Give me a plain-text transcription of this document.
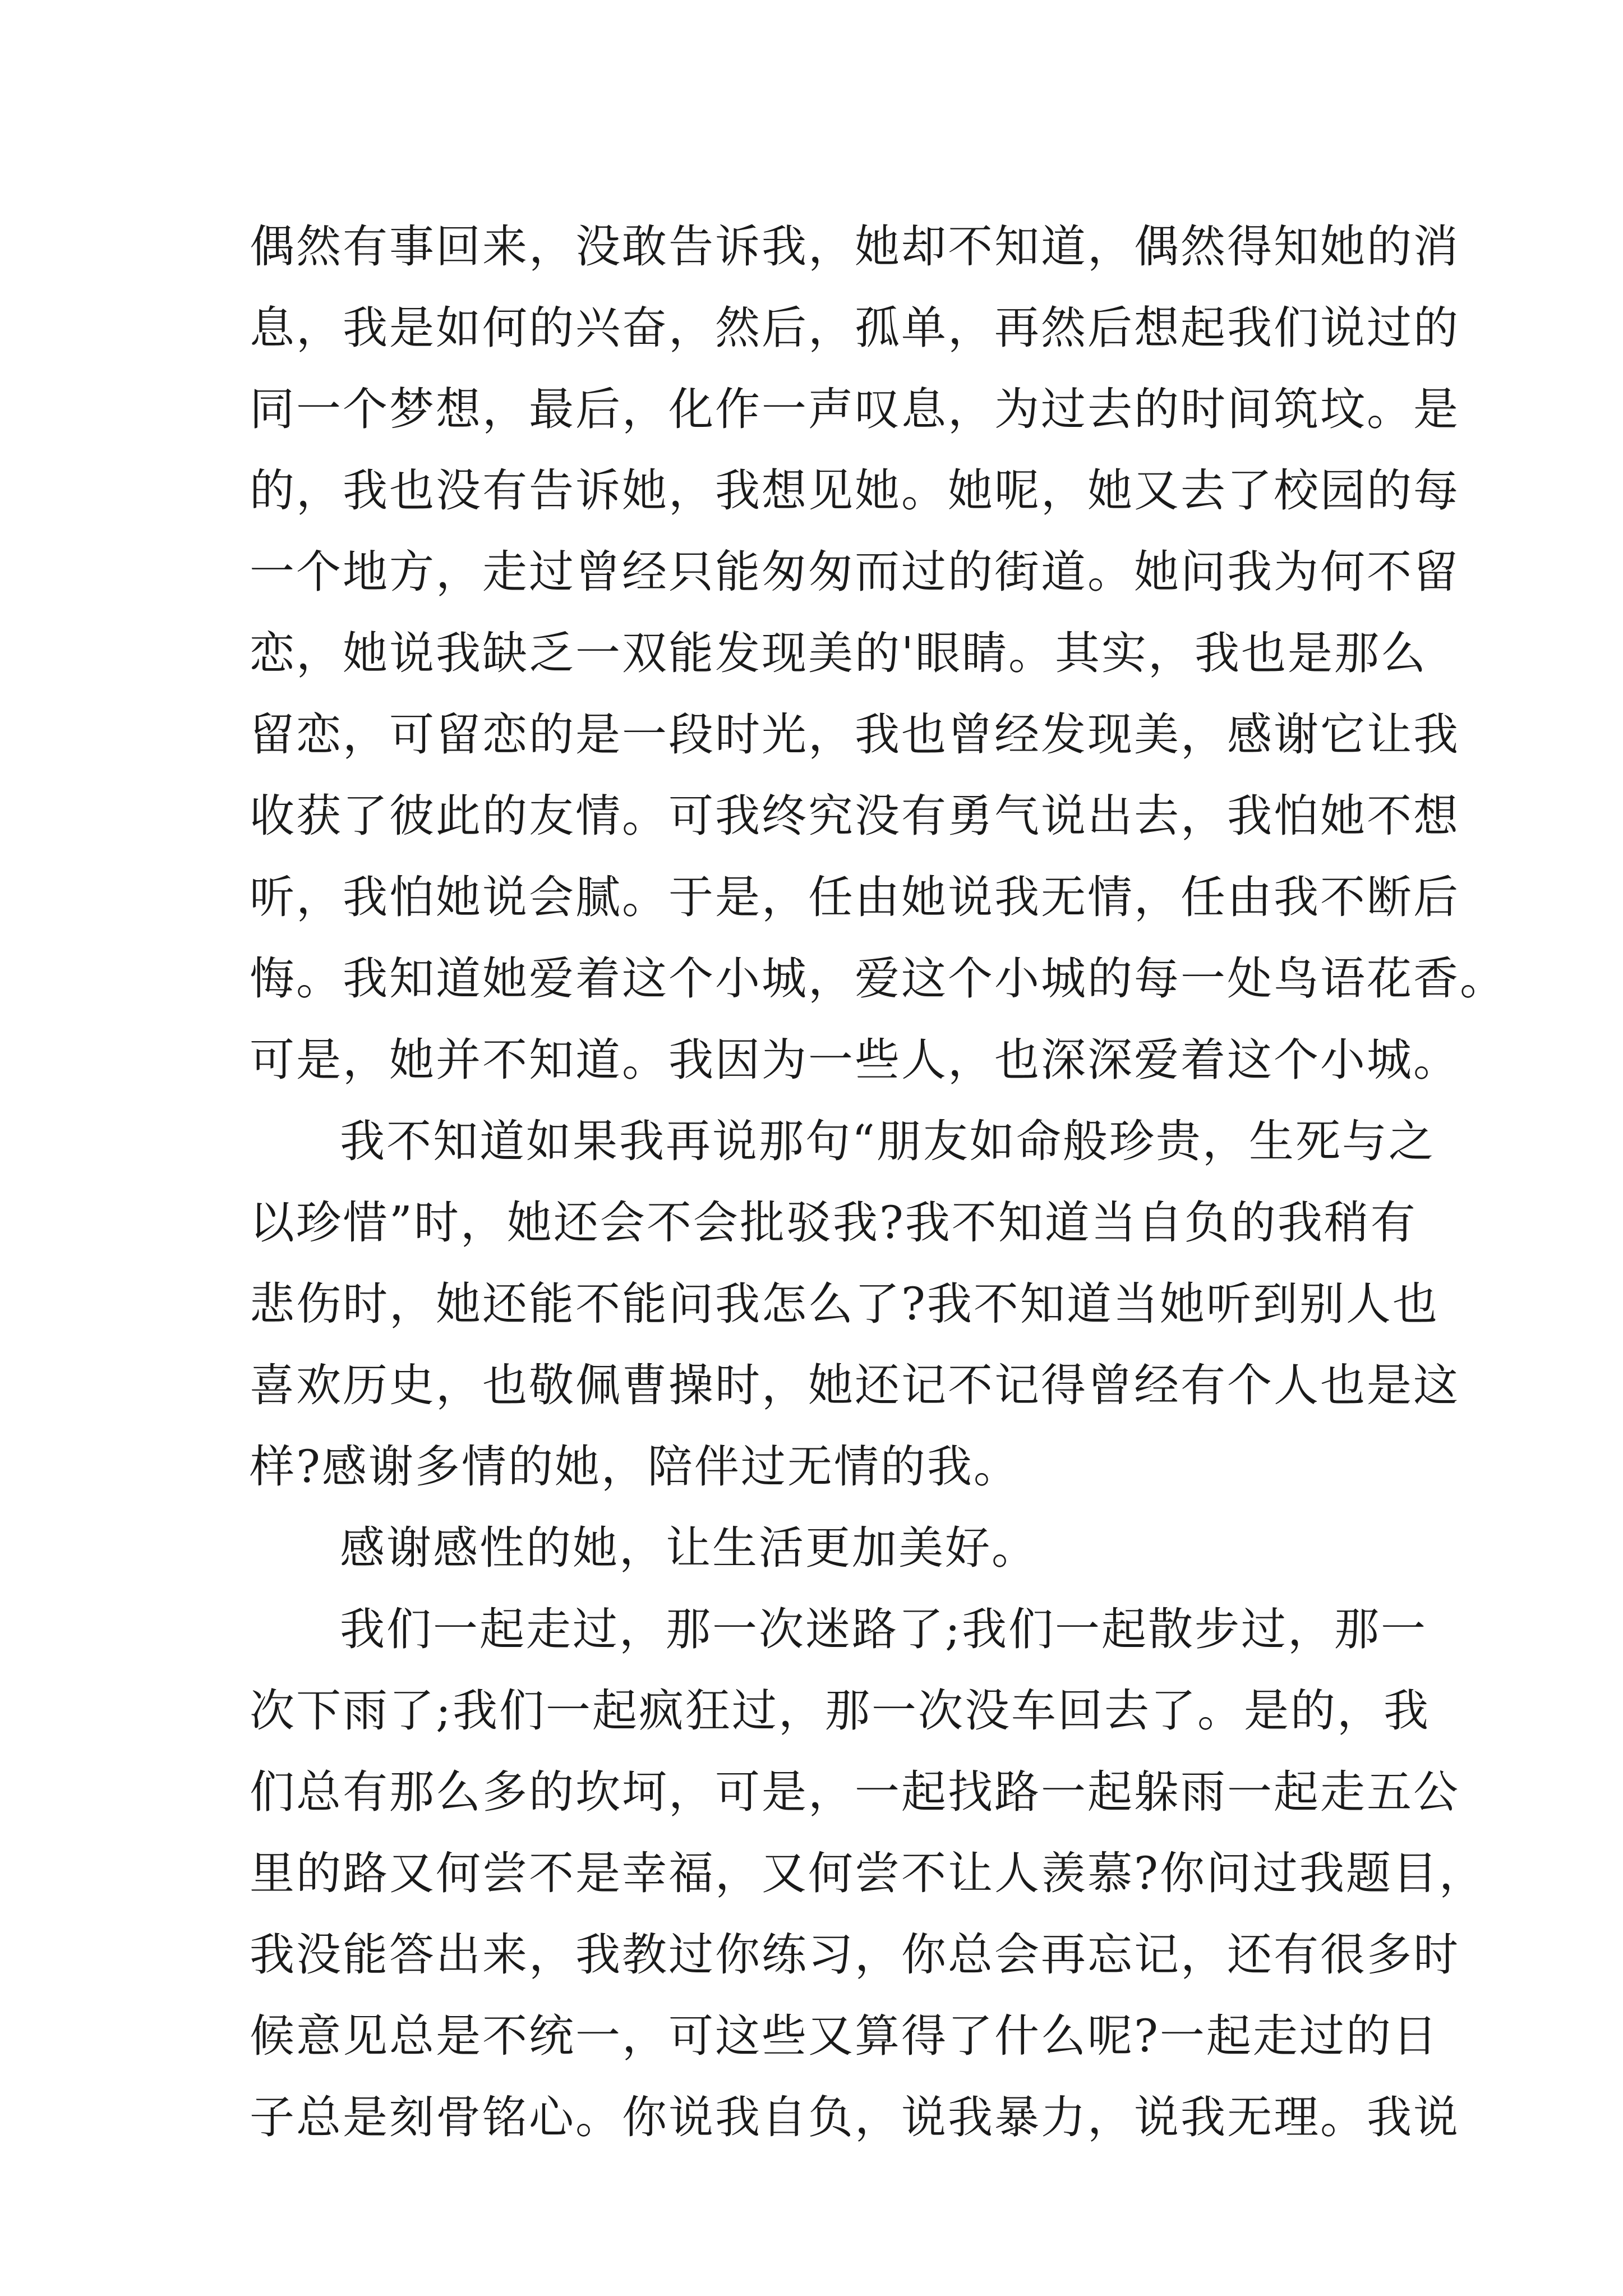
偶然有事回来，没敢告诉我，她却不知道，偶然得知她的消
息，我是如何的兴奋，然后，孤单，再然后想起我们说过的
同一个梦想，最后，化作一声叹息，为过去的时间筑坟。是
的，我也没有告诉她，我想见她。她呢，她又去了校园的每
一个地方，走过曾经只能匆匆而过的街道。她问我为何不留
恋，她说我缺乏一双能发现美的'眼睛。其实，我也是那么
留恋，可留恋的是一段时光，我也曾经发现美，感谢它让我
收获了彼此的友情。可我终究没有勇气说出去，我怕她不想
听，我怕她说会腻。于是，任由她说我无情，任由我不断后
悔。我知道她爱着这个小城，爱这个小城的每一处鸟语花香。
可是，她并不知道。我因为一些人，也深深爱着这个小城。
我不知道如果我再说那句“朋友如命般珍贵，生死与之
以珍惜”时，她还会不会批驳我?我不知道当自负的我稍有
悲伤时，她还能不能问我怎么了?我不知道当她听到别人也
喜欢历史，也敬佩曹操时，她还记不记得曾经有个人也是这
样?感谢多情的她，陪伴过无情的我。
感谢感性的她，让生活更加美好。
我们一起走过，那一次迷路了;我们一起散步过，那一
次下雨了;我们一起疯狂过，那一次没车回去了。是的，我
们总有那么多的坎坷，可是，一起找路一起躲雨一起走五公
里的路又何尝不是幸福，又何尝不让人羡慕?你问过我题目，
我没能答出来，我教过你练习，你总会再忘记，还有很多时
候意见总是不统一，可这些又算得了什么呢?一起走过的日
子总是刻骨铭心。你说我自负，说我暴力，说我无理。我说
